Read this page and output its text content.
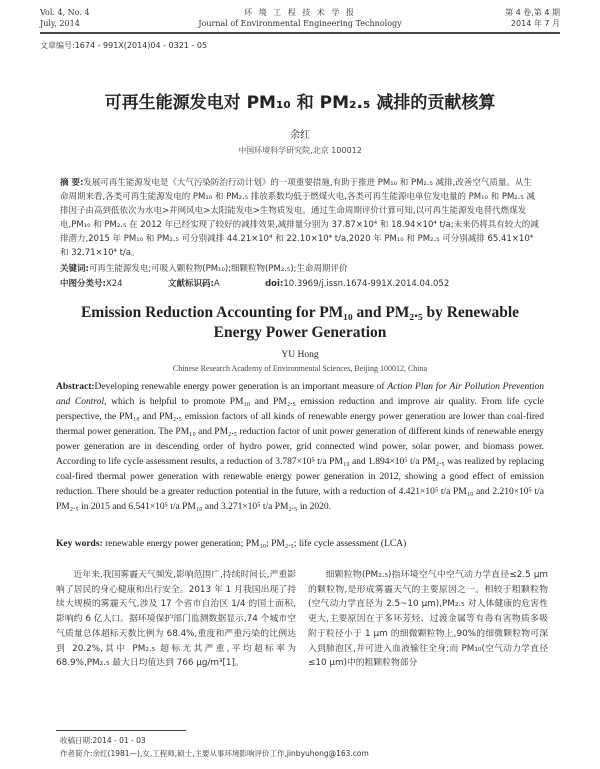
Vol. 4, No. 4
July, 2014
环 境 工 程 技 术 学 报
Journal of Environmental Engineering Technology
第 4 卷,第 4 期
2014 年 7 月
文章编号:1674 - 991X(2014)04 - 0321 - 05
可再生能源发电对 PM₁₀ 和 PM₂.₅ 减排的贡献核算
余红
中国环境科学研究院,北京 100012
摘 要:发展可再生能源发电是《大气污染防治行动计划》的一项重要措施,有助于推进 PM₁₀ 和 PM₂.₅ 减排,改善空气质量。从生命周期来看,各类可再生能源发电的 PM₁₀ 和 PM₂.₅ 排放系数均低于燃煤火电,各类可再生能源电单位发电量的 PM₁₀ 和 PM₂.₅ 减排因子由高到低依次为水电>并网风电>太阳能发电>生物质发电。通过生命周期评价计算可知,以可再生能源发电替代燃煤发电,PM₁₀ 和 PM₂.₅ 在 2012 年已经实现了较好的减排效果,减排量分别为 37.87×10⁴ 和 18.94×10⁴ t/a;未来仍将具有较大的减排潜力,2015 年 PM₁₀ 和 PM₂.₅ 可分别减排 44.21×10⁴ 和 22.10×10⁴ t/a,2020 年 PM₁₀ 和 PM₂.₅ 可分别减排 65.41×10⁴ 和 32.71×10⁴ t/a。
关键词:可再生能源发电;可吸入颗粒物(PM₁₀);细颗粒物(PM₂.₅);生命周期评价
中图分类号:X24	文献标识码:A	doi:10.3969/j.issn.1674-991X.2014.04.052
Emission Reduction Accounting for PM₁₀ and PM₂.₅ by Renewable
Energy Power Generation
YU Hong
Chinese Research Academy of Environmental Sciences, Beijing 100012, China
Abstract:Developing renewable energy power generation is an important measure of Action Plan for Air Pollution Prevention and Control, which is helpful to promote PM₁₀ and PM₂.₅ emission reduction and improve air quality. From life cycle perspective, the PM₁₀ and PM₂.₅ emission factors of all kinds of renewable energy power generation are lower than coal-fired thermal power generation. The PM₁₀ and PM₂.₅ reduction factor of unit power generation of different kinds of renewable energy power generation are in descending order of hydro power, grid connected wind power, solar power, and biomass power. According to life cycle assessment results, a reduction of 3.787×10⁵ t/a PM₁₀ and 1.894×10⁵ t/a PM₂.₅ was realized by replacing coal-fired thermal power generation with renewable energy power generation in 2012, showing a good effect of emission reduction. There should be a greater reduction potential in the future, with a reduction of 4.421×10⁵ t/a PM₁₀ and 2.210×10⁵ t/a PM₂.₅ in 2015 and 6.541×10⁵ t/a PM₁₀ and 3.271×10⁵ t/a PM₂.₅ in 2020.
Key words: renewable energy power generation; PM₁₀; PM₂.₅; life cycle assessment (LCA)
近年来,我国雾霾天气频发,影响范围广,持续时间长,严重影响了居民的身心健康和出行安全。2013 年 1 月我国出现了持续大规模的雾霾天气,涉及 17 个省市自治区 1/4 的国土面积,影响约 6 亿人口。据环境保护部门监测数据显示,74 个城市空气质量总体超标天数比例为 68.4%,重度和严重污染的比例达到 20.2%,其中 PM₂.₅ 超标尤其严重,平均超标率为 68.9%,PM₂.₅ 最大日均值达到 766 μg/m³[1]。
细颗粒物(PM₂.₅)指环境空气中空气动力学直径≤2.5 μm 的颗粒物,是形成雾霾天气的主要原因之一。相较于粗颗粒物(空气动力学直径为 2.5~10 μm),PM₂.₅ 对人体健康的危害性更大,主要原因在于多环芳烃、过渡金属等有毒有害物质多吸附于粒径小于 1 μm 的细微颗粒物上,90%的细微颗粒物可深入到肺泡区,并可进入血液输往全身;而 PM₁₀(空气动力学直径≤10 μm)中的粗颗粒物部分
收稿日期:2014 - 01 - 03
作者简介:余红(1981—),女,工程师,硕士,主要从事环境影响评价工作,jinbyuhong@163.com
